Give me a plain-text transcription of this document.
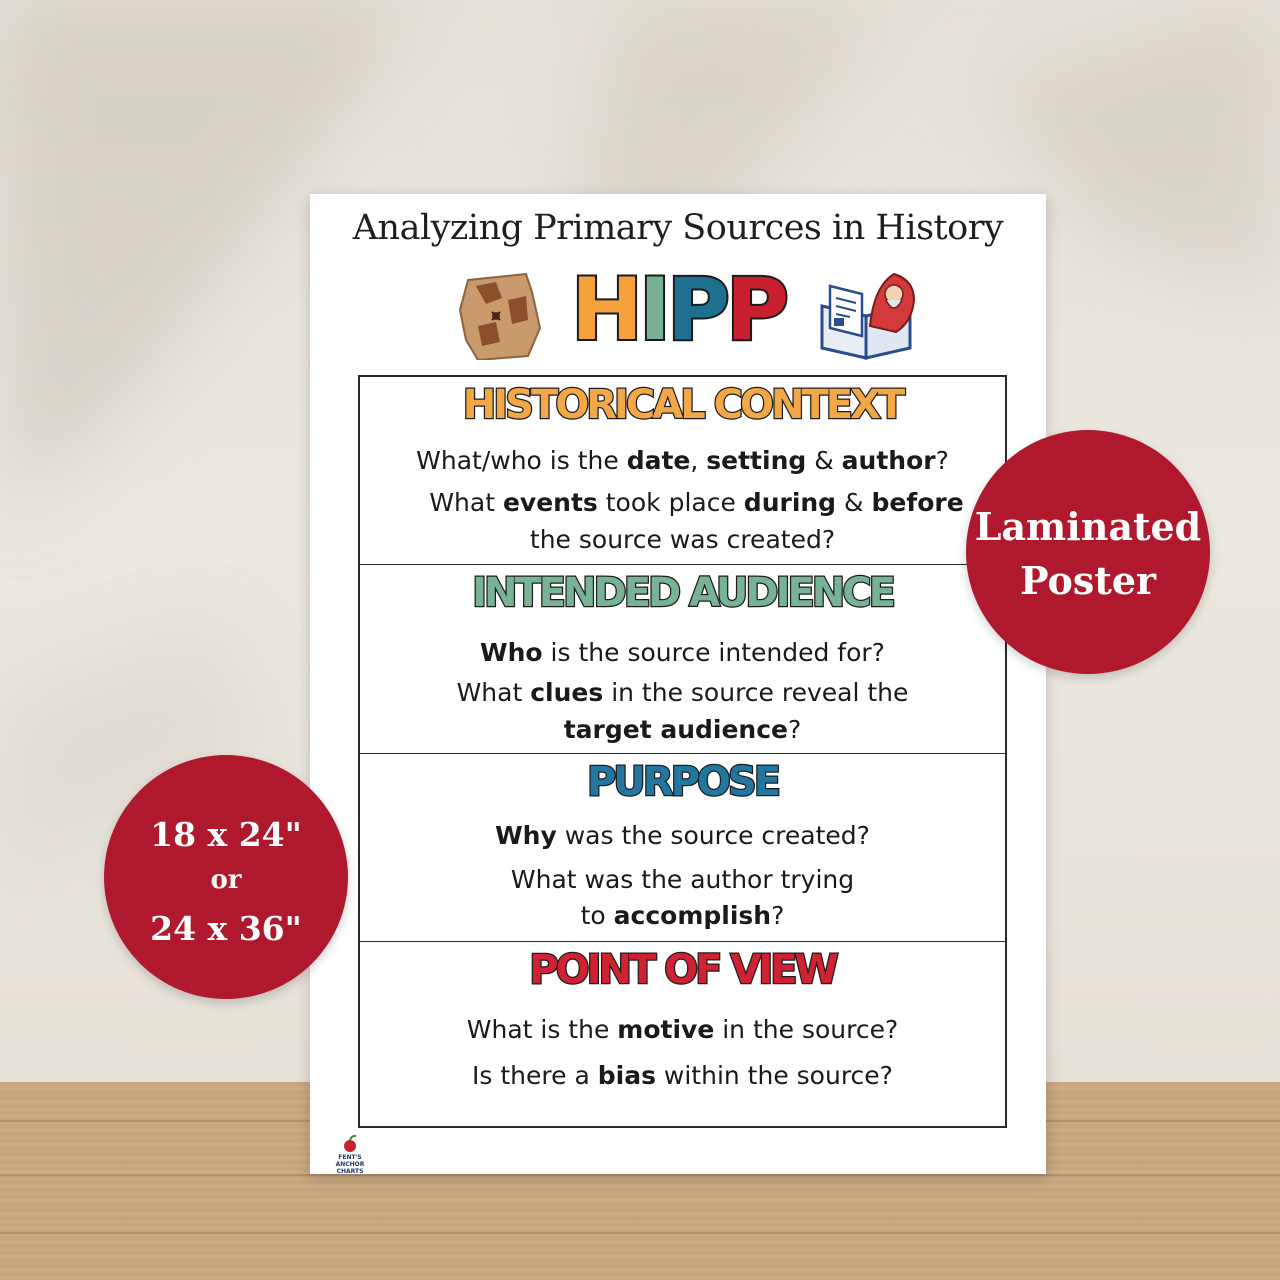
Analyzing Primary Sources in History
HIPP
HISTORICAL CONTEXT
What/who is the date, setting & author?
What events took place during & before
the source was created?
INTENDED AUDIENCE
Who is the source intended for?
What clues in the source reveal the
target audience?
PURPOSE
Why was the source created?
What was the author trying
to accomplish?
POINT OF VIEW
What is the motive in the source?
Is there a bias within the source?
FENT'S
ANCHOR CHARTS
Laminated
Poster
18 x 24"
or
24 x 36"
